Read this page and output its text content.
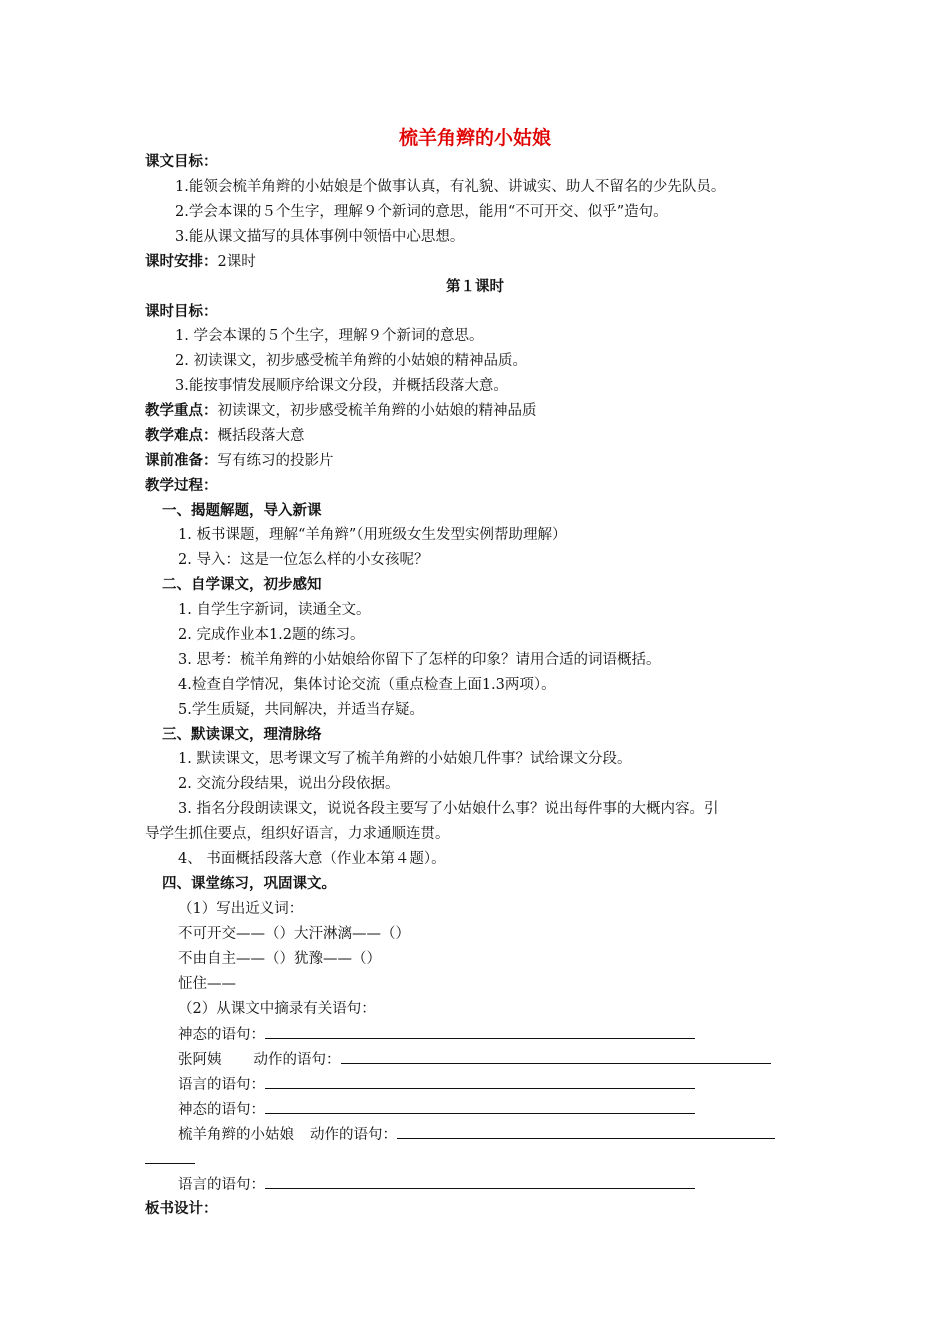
梳羊角辫的小姑娘
课文目标：
1.能领会梳羊角辫的小姑娘是个做事认真，有礼貌、讲诚实、助人不留名的少先队员。
2.学会本课的５个生字，理解９个新词的意思，能用“不可开交、似乎”造句。
3.能从课文描写的具体事例中领悟中心思想。
课时安排：2课时
第１课时
课时目标：
1. 学会本课的５个生字，理解９个新词的意思。
2. 初读课文，初步感受梳羊角辫的小姑娘的精神品质。
3.能按事情发展顺序给课文分段，并概括段落大意。
教学重点：初读课文，初步感受梳羊角辫的小姑娘的精神品质
教学难点：概括段落大意
课前准备：写有练习的投影片
教学过程：
一、揭题解题，导入新课
1. 板书课题，理解“羊角辫”（用班级女生发型实例帮助理解）
2. 导入：这是一位怎么样的小女孩呢？
二、自学课文，初步感知
1. 自学生字新词，读通全文。
2. 完成作业本1.2题的练习。
3. 思考：梳羊角辫的小姑娘给你留下了怎样的印象？请用合适的词语概括。
4.检查自学情况，集体讨论交流（重点检查上面1.3两项）。
5.学生质疑，共同解决，并适当存疑。
三、默读课文，理清脉络
1. 默读课文，思考课文写了梳羊角辫的小姑娘几件事？试给课文分段。
2. 交流分段结果，说出分段依据。
3. 指名分段朗读课文，说说各段主要写了小姑娘什么事？说出每件事的大概内容。引
导学生抓住要点，组织好语言，力求通顺连贯。
4、 书面概括段落大意（作业本第４题）。
四、课堂练习，巩固课文。
（1）写出近义词：
不可开交——（）大汗淋漓——（）
不由自主——（）犹豫——（）
怔住——
（2）从课文中摘录有关语句：
神态的语句：
张阿姨 动作的语句：
语言的语句：
神态的语句：
梳羊角辫的小姑娘 动作的语句：
语言的语句：
板书设计：
